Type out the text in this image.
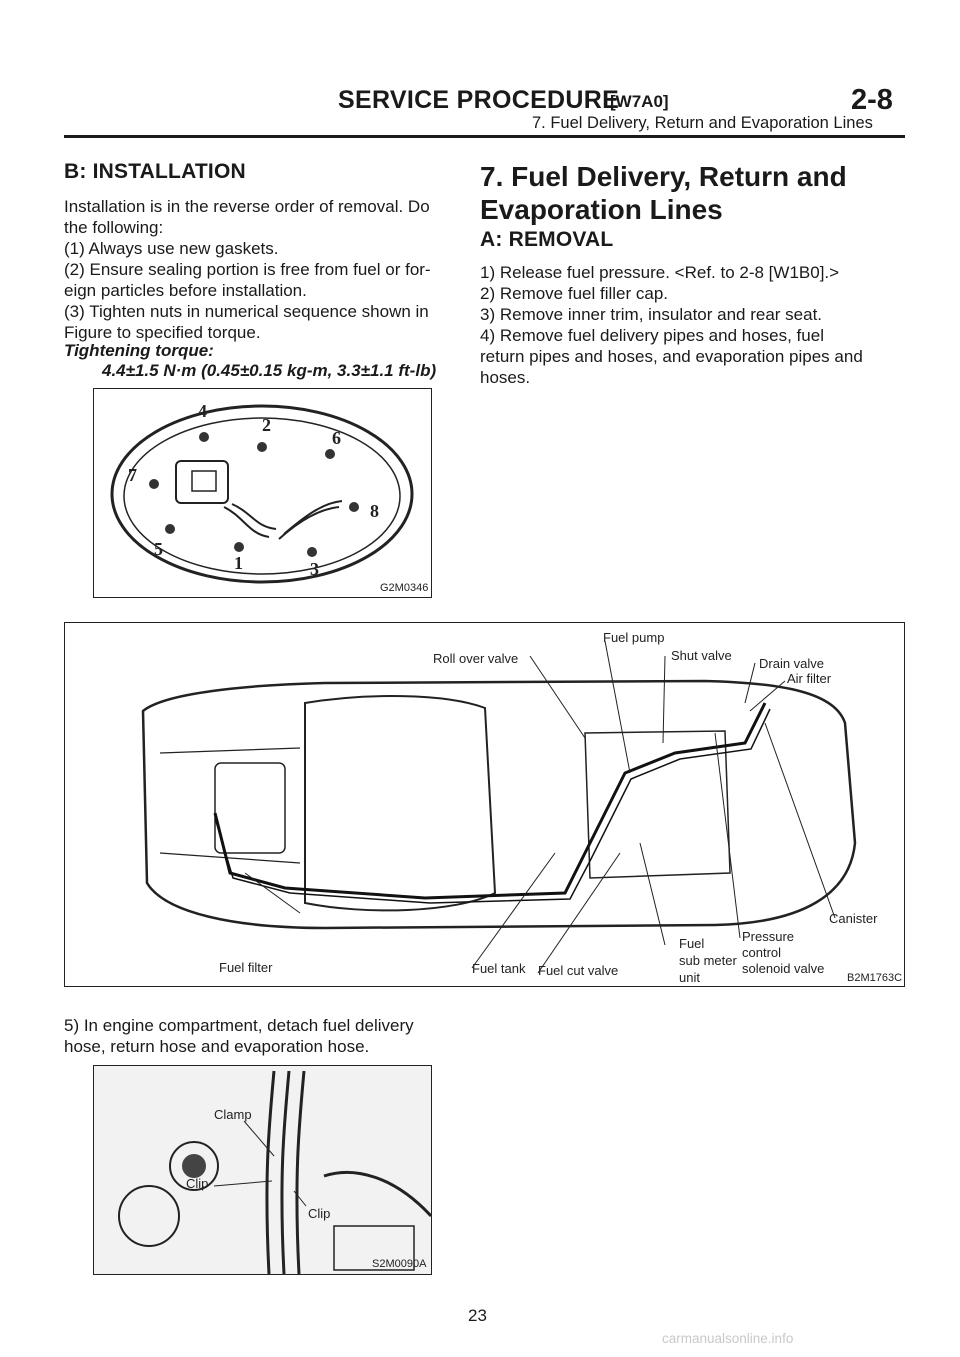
SERVICE PROCEDURE
[W7A0]	2-8
7. Fuel Delivery, Return and Evaporation Lines
B: INSTALLATION
Installation is in the reverse order of removal. Do
the following:
(1) Always use new gaskets.
(2) Ensure sealing portion is free from fuel or for-
eign particles before installation.
(3) Tighten nuts in numerical sequence shown in
Figure to specified torque.
Tightening torque:
4.4±1.5 N·m (0.45±0.15 kg-m, 3.3±1.1 ft-lb)
4
2
6
7
8
5
1	3
G2M0346
7. Fuel Delivery, Return and
Evaporation Lines
A: REMOVAL
1) Release fuel pressure. <Ref. to 2-8 [W1B0].>
2) Remove fuel filler cap.
3) Remove inner trim, insulator and rear seat.
4) Remove fuel delivery pipes and hoses, fuel
return pipes and hoses, and evaporation pipes and
hoses.
Roll over valve
Fuel pump
Shut valve
Drain valve
Air filter
Canister
Fuel filter	Fuel tank Fuel cut valve
Fuel
sub meter
unit
Pressure
control
solenoid valve
B2M1763C
5) In engine compartment, detach fuel delivery
hose, return hose and evaporation hose.
Clamp
Clip
Clip
S2M0090A
23
carmanualsonline.info
